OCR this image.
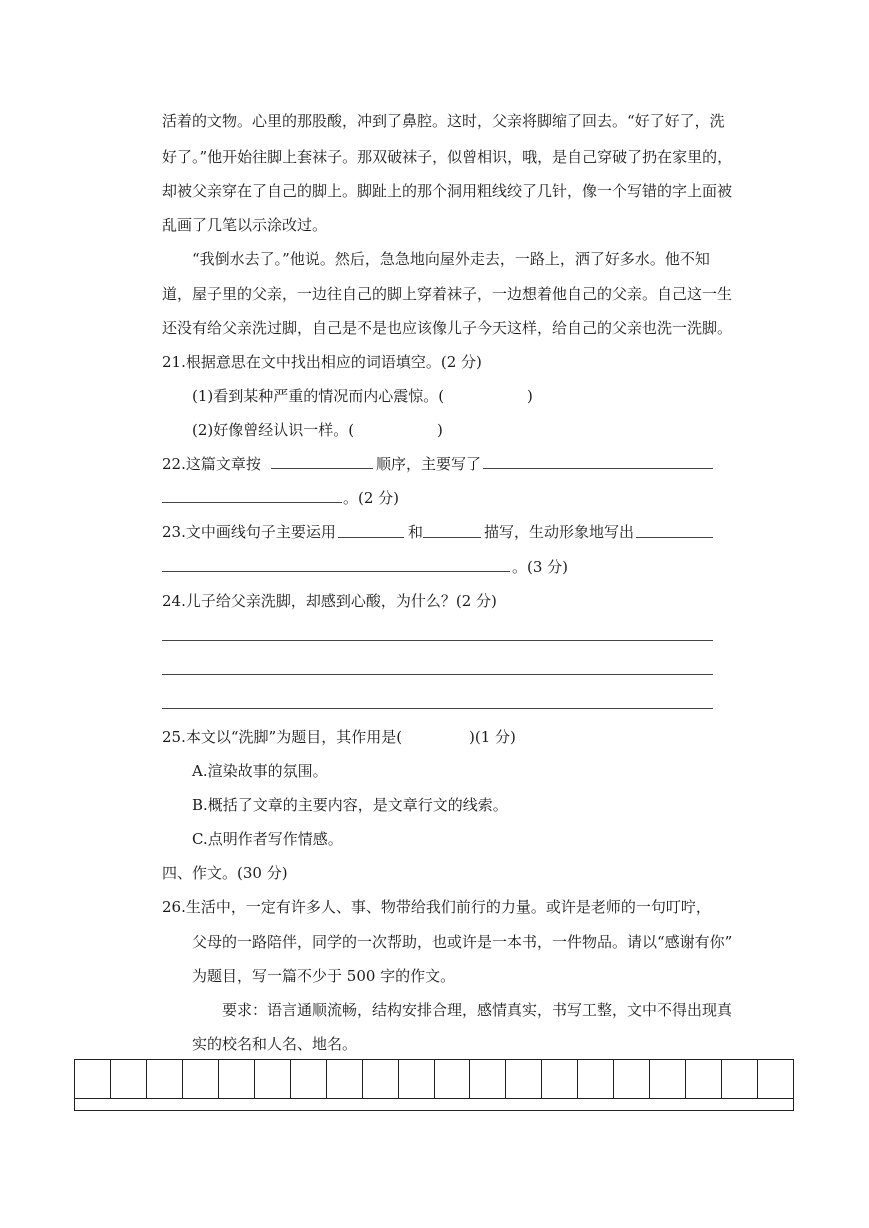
活着的文物。心里的那股酸，冲到了鼻腔。这时，父亲将脚缩了回去。“好了好了，洗
好了。”他开始往脚上套袜子。那双破袜子，似曾相识，哦，是自己穿破了扔在家里的，
却被父亲穿在了自己的脚上。脚趾上的那个洞用粗线绞了几针，像一个写错的字上面被
乱画了几笔以示涂改过。
“我倒水去了。”他说。然后，急急地向屋外走去，一路上，洒了好多水。他不知
道，屋子里的父亲，一边往自己的脚上穿着袜子，一边想着他自己的父亲。自己这一生
还没有给父亲洗过脚，自己是不是也应该像儿子今天这样，给自己的父亲也洗一洗脚。
21.根据意思在文中找出相应的词语填空。(2 分)
(1)看到某种严重的情况而内心震惊。(	)
(2)好像曾经认识一样。(	)
22.这篇文章按	顺序，主要写了
。(2 分)
23.文中画线句子主要运用	和	描写，生动形象地写出
。(3 分)
24.儿子给父亲洗脚，却感到心酸，为什么？(2 分)
25.本文以“洗脚”为题目，其作用是(	)(1 分)
A.渲染故事的氛围。
B.概括了文章的主要内容，是文章行文的线索。
C.点明作者写作情感。
四、作文。(30 分)
26.生活中，一定有许多人、事、物带给我们前行的力量。或许是老师的一句叮咛，
父母的一路陪伴，同学的一次帮助，也或许是一本书，一件物品。请以“感谢有你”
为题目，写一篇不少于 500 字的作文。
要求：语言通顺流畅，结构安排合理，感情真实，书写工整，文中不得出现真
实的校名和人名、地名。
